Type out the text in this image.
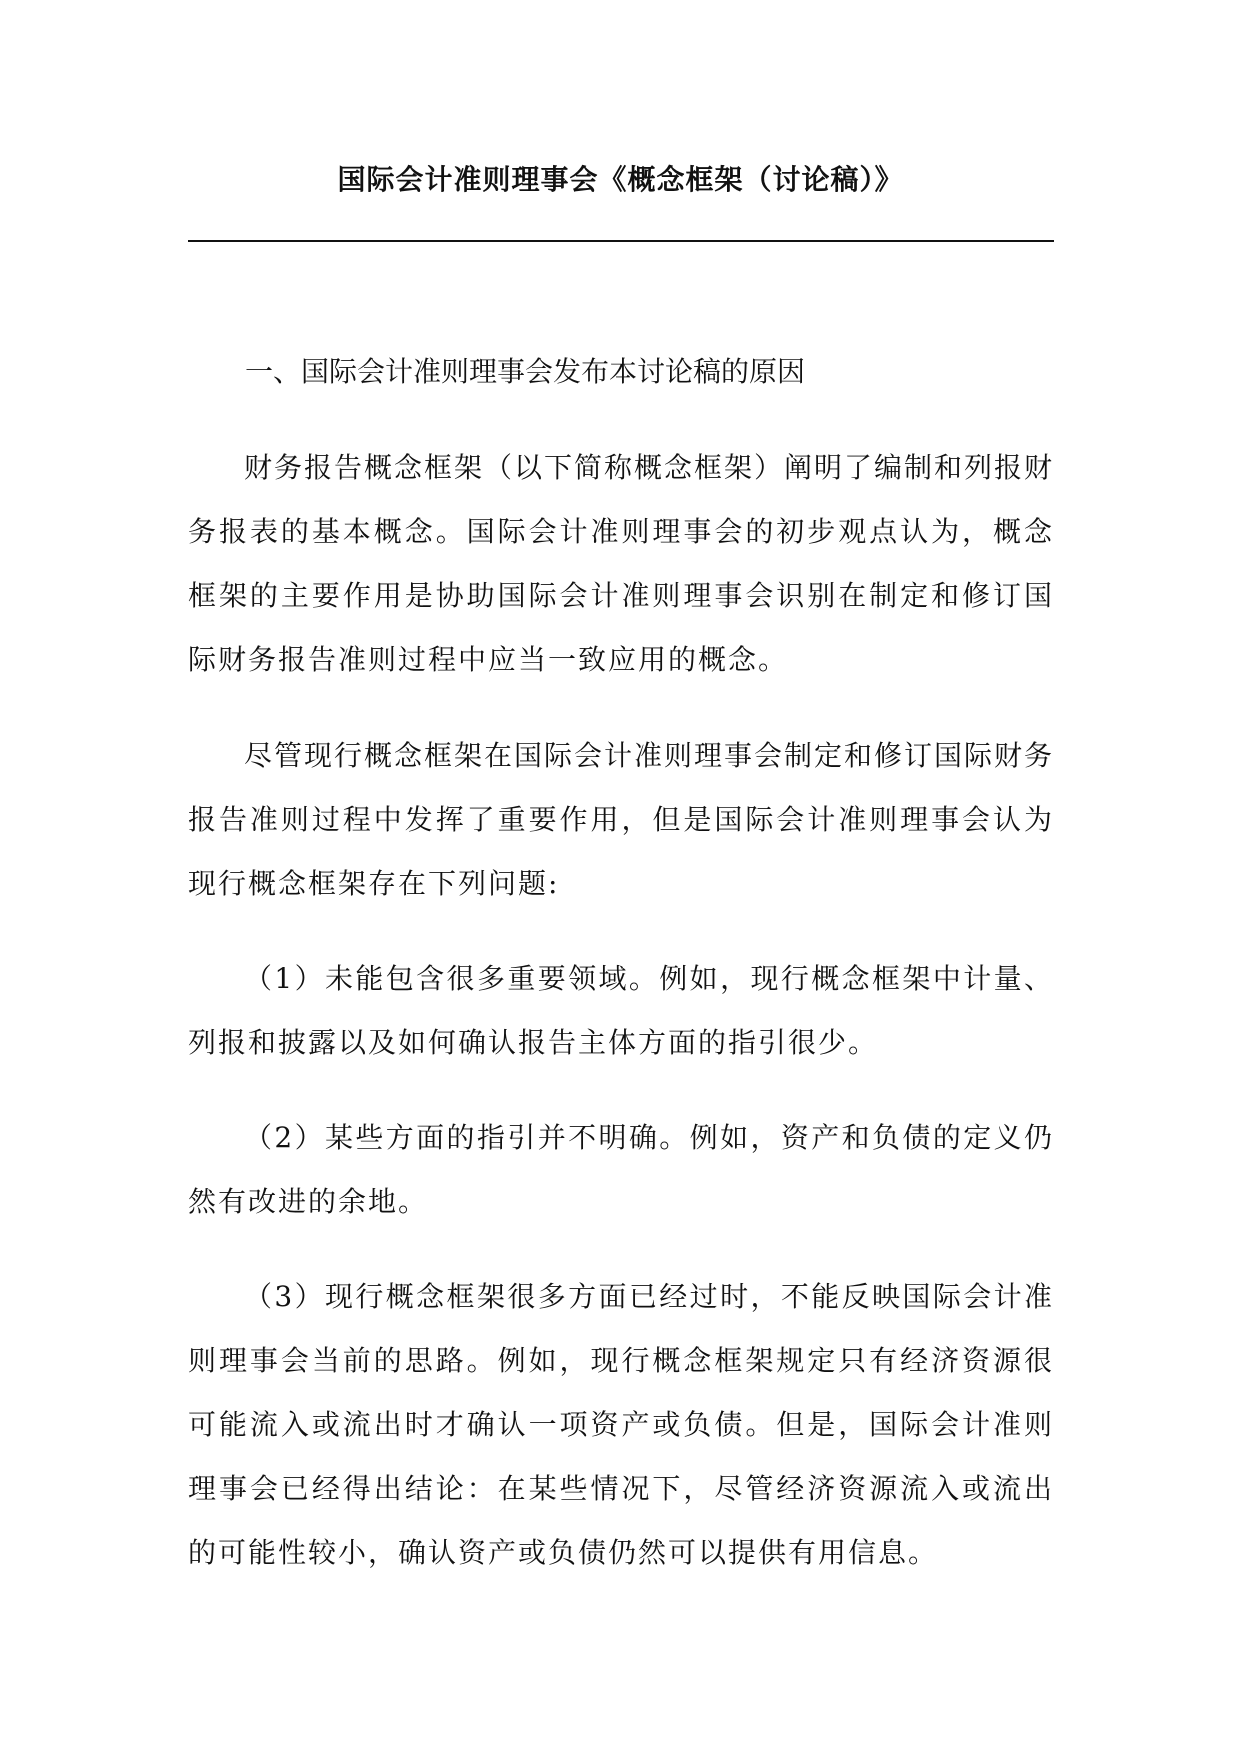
国际会计准则理事会《概念框架（讨论稿）》
一、国际会计准则理事会发布本讨论稿的原因

财务报告概念框架（以下简称概念框架）阐明了编制和列报财务报表的基本概念。国际会计准则理事会的初步观点认为，概念框架的主要作用是协助国际会计准则理事会识别在制定和修订国际财务报告准则过程中应当一致应用的概念。

尽管现行概念框架在国际会计准则理事会制定和修订国际财务报告准则过程中发挥了重要作用，但是国际会计准则理事会认为现行概念框架存在下列问题:

（1）未能包含很多重要领域。例如，现行概念框架中计量、列报和披露以及如何确认报告主体方面的指引很少。

（2）某些方面的指引并不明确。例如，资产和负债的定义仍然有改进的余地。

（3）现行概念框架很多方面已经过时，不能反映国际会计准则理事会当前的思路。例如，现行概念框架规定只有经济资源很可能流入或流出时才确认一项资产或负债。但是，国际会计准则理事会已经得出结论：在某些情况下，尽管经济资源流入或流出的可能性较小，确认资产或负债仍然可以提供有用信息。
